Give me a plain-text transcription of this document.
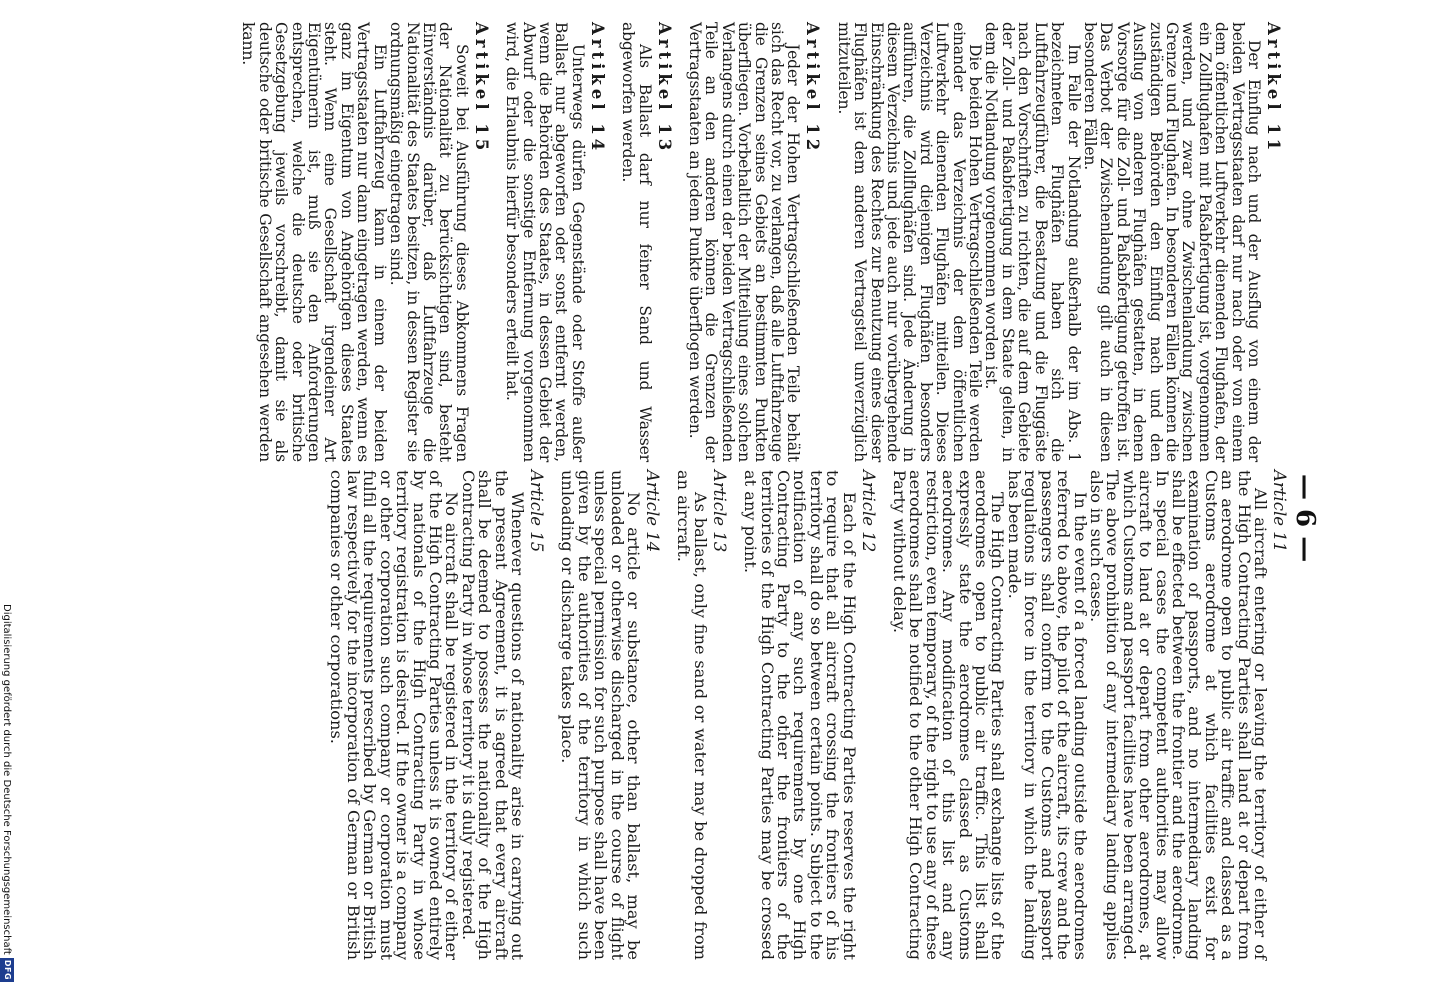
— 6 —
Article 11

All aircraft entering or leaving the territory of either of the High Contracting Parties shall land at or depart from an aerodrome open to public air traffic and classed as a Customs aerodrome at which facilities exist for examination of passports, and no intermediary landing shall be effected between the frontier and the aerodrome. In special cases the competent authorities may allow aircraft to land at or depart from other aerodromes, at which Customs and passport facilities have been arranged. The above prohibition of any intermediary landing applies also in such cases.

In the event of a forced landing outside the aerodromes referred to above, the pilot of the aircraft, its crew and the passengers shall conform to the Customs and passport regulations in force in the territory in which the landing has been made.

The High Contracting Parties shall exchange lists of the aerodromes open to public air traffic. This list shall expressly state the aerodromes classed as Customs aerodromes. Any modification of this list and any restriction, even temporary, of the right to use any of these aerodromes shall be notified to the other High Contracting Party without delay.

Article 12

Each of the High Contracting Parties reserves the right to require that all aircraft crossing the frontiers of his territory shall do so between certain points. Subject to the notification of any such requirements by one High Contracting Party to the other the frontiers of the territories of the High Contracting Parties may be crossed at any point.

Article 13

As ballast, only fine sand or water may be dropped from an aircraft.

Article 14

No article or substance, other than ballast, may be unloaded or otherwise discharged in the course of flight unless special permission for such purpose shall have been given by the authorities of the territory in which such unloading or discharge takes place.

Article 15

Whenever questions of nationality arise in carrying out the present Agreement, it is agreed that every aircraft shall be deemed to possess the nationality of the High Contracting Party in whose territory it is duly registered.

No aircraft shall be registered in the territory of either of the High Contracting Parties unless it is owned entirely by nationals of the High Contracting Party in whose territory registration is desired. If the owner is a company or other corporation such company or corporation must fulfil all the requirements prescribed by German or British law respectively for the incorporation of German or British companies or other corporations.

Artikel 11

Der Einflug nach und der Ausflug von einem der beiden Vertragsstaaten darf nur nach oder von einem dem öffentlichen Luftverkehr dienenden Flughafen, der ein Zollflughafen mit Paßabfertigung ist, vorgenommen werden, und zwar ohne Zwischenlandung zwischen Grenze und Flughafen. In besonderen Fällen können die zuständigen Behörden den Einflug nach und den Ausflug von anderen Flughäfen gestatten, in denen Vorsorge für die Zoll- und Paßabfertigung getroffen ist. Das Verbot der Zwischenlandung gilt auch in diesen besonderen Fällen.

Im Falle der Notlandung außerhalb der im Abs. 1 bezeichneten Flughäfen haben sich die Luftfahrzeugführer, die Besatzung und die Fluggäste nach den Vorschriften zu richten, die auf dem Gebiete der Zoll- und Paßabfertigung in dem Staate gelten, in dem die Notlandung vorgenommen worden ist.

Die beiden Hohen Vertragschließenden Teile werden einander das Verzeichnis der dem öffentlichen Luftverkehr dienenden Flughäfen mitteilen. Dieses Verzeichnis wird diejenigen Flughäfen besonders aufführen, die Zollflughäfen sind. Jede Änderung in diesem Verzeichnis und jede auch nur vorübergehende Einschränkung des Rechtes zur Benutzung eines dieser Flughäfen ist dem anderen Vertragsteil unverzüglich mitzuteilen.

Artikel 12

Jeder der Hohen Vertragschließenden Teile behält sich das Recht vor, zu verlangen, daß alle Luftfahrzeuge die Grenzen seines Gebiets an bestimmten Punkten überfliegen. Vorbehaltlich der Mitteilung eines solchen Verlangens durch einen der beiden Vertragschließenden Teile an den anderen können die Grenzen der Vertragsstaaten an jedem Punkte überflogen werden.

Artikel 13

Als Ballast darf nur feiner Sand und Wasser abgeworfen werden.

Artikel 14

Unterwegs dürfen Gegenstände oder Stoffe außer Ballast nur abgeworfen oder sonst entfernt werden, wenn die Behörden des Staates, in dessen Gebiet der Abwurf oder die sonstige Entfernung vorgenommen wird, die Erlaubnis hierfür besonders erteilt hat.

Artikel 15

Soweit bei Ausführung dieses Abkommens Fragen der Nationalität zu berücksichtigen sind, besteht Einverständnis darüber, daß Luftfahrzeuge die Nationalität des Staates besitzen, in dessen Register sie ordnungsmäßig eingetragen sind.

Ein Luftfahrzeug kann in einem der beiden Vertragsstaaten nur dann eingetragen werden, wenn es ganz im Eigentum von Angehörigen dieses Staates steht. Wenn eine Gesellschaft irgendeiner Art Eigentümerin ist, muß sie den Anforderungen entsprechen, welche die deutsche oder britische Gesetzgebung jeweils vorschreibt, damit sie als deutsche oder britische Gesellschaft angesehen werden kann.

Digitalisierung gefördert durch die Deutsche ForschungsgemeinschaftDFG
